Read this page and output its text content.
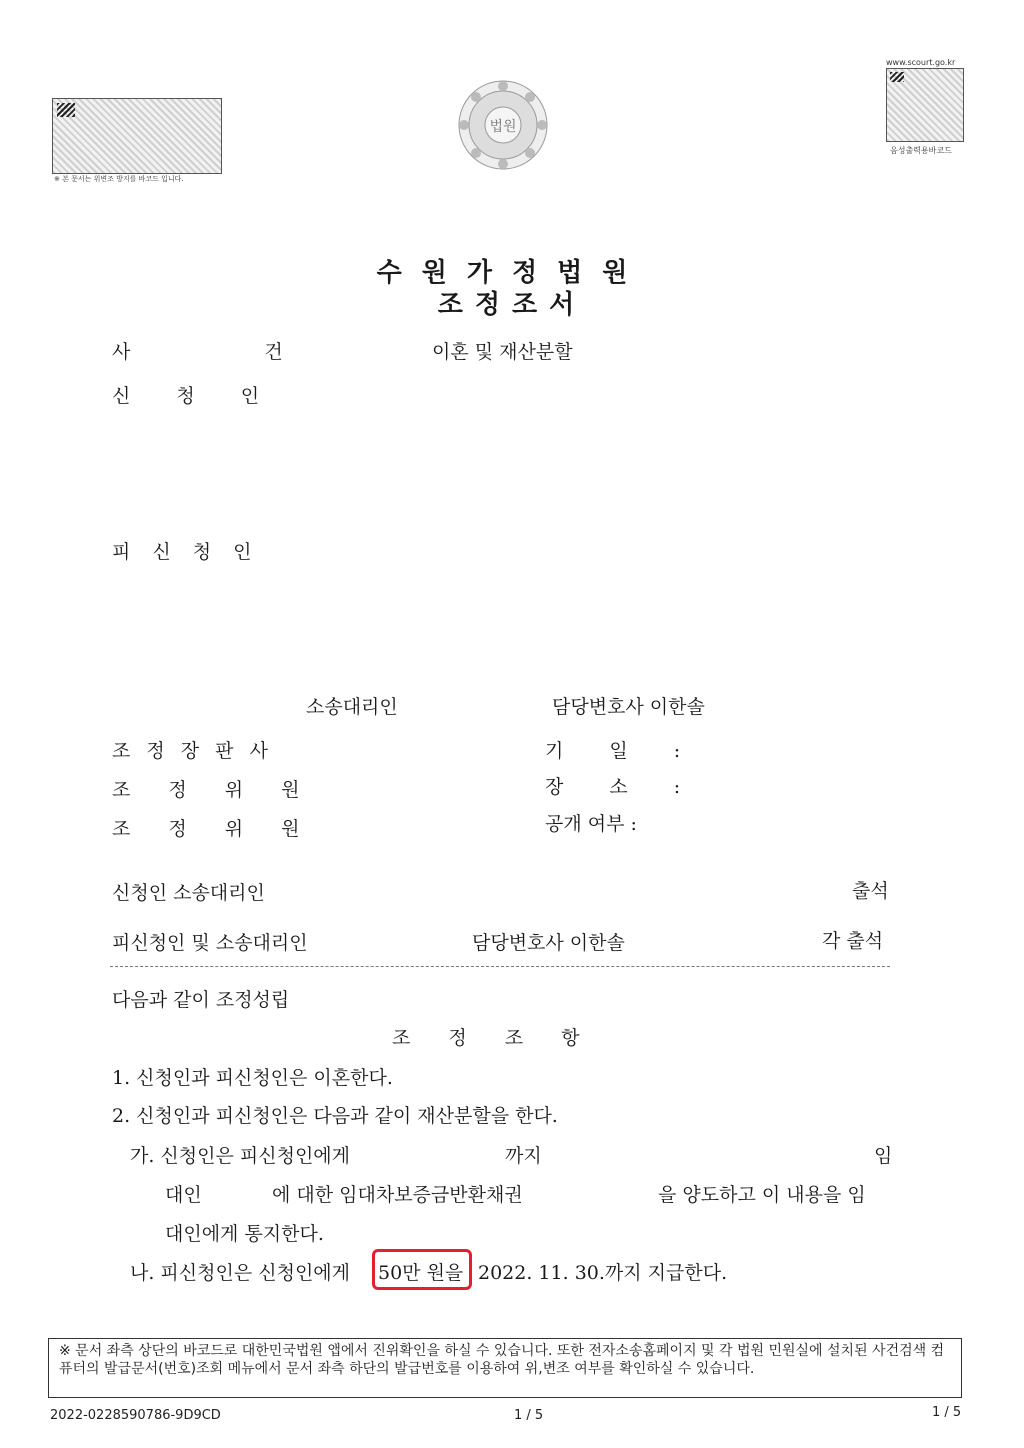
※ 본 문서는 위변조 방지를 바코드 입니다.
www.scourt.go.kr
음성출력용바코드
법원
수원가정법원
조정조서
사 건	이혼 및 재산분할
신 청 인
피 신 청 인
소송대리인	담당변호사 이한솔
조 정 장 판 사
조 정 위 원
조 정 위 원
기 일 :
장 소 :
공개 여부 :
신청인 소송대리인	출석
피신청인 및 소송대리인	담당변호사 이한솔	각 출석
다음과 같이 조정성립
조 정 조 항
1. 신청인과 피신청인은 이혼한다.
2. 신청인과 피신청인은 다음과 같이 재산분할을 한다.
가. 신청인은 피신청인에게	까지	임
대인	에 대한 임대차보증금반환채권	을 양도하고 이 내용을 임
대인에게 통지한다.
나. 피신청인은 신청인에게 50만 원을 2022. 11. 30.까지 지급한다.
※ 문서 좌측 상단의 바코드로 대한민국법원 앱에서 진위확인을 하실 수 있습니다. 또한 전자소송홈페이지 및 각 법원 민원실에 설치된 사건검색 컴퓨터의 발급문서(번호)조회 메뉴에서 문서 좌측 하단의 발급번호를 이용하여 위,변조 여부를 확인하실 수 있습니다.
2022-0228590786-9D9CD	1 / 5	1 / 5
